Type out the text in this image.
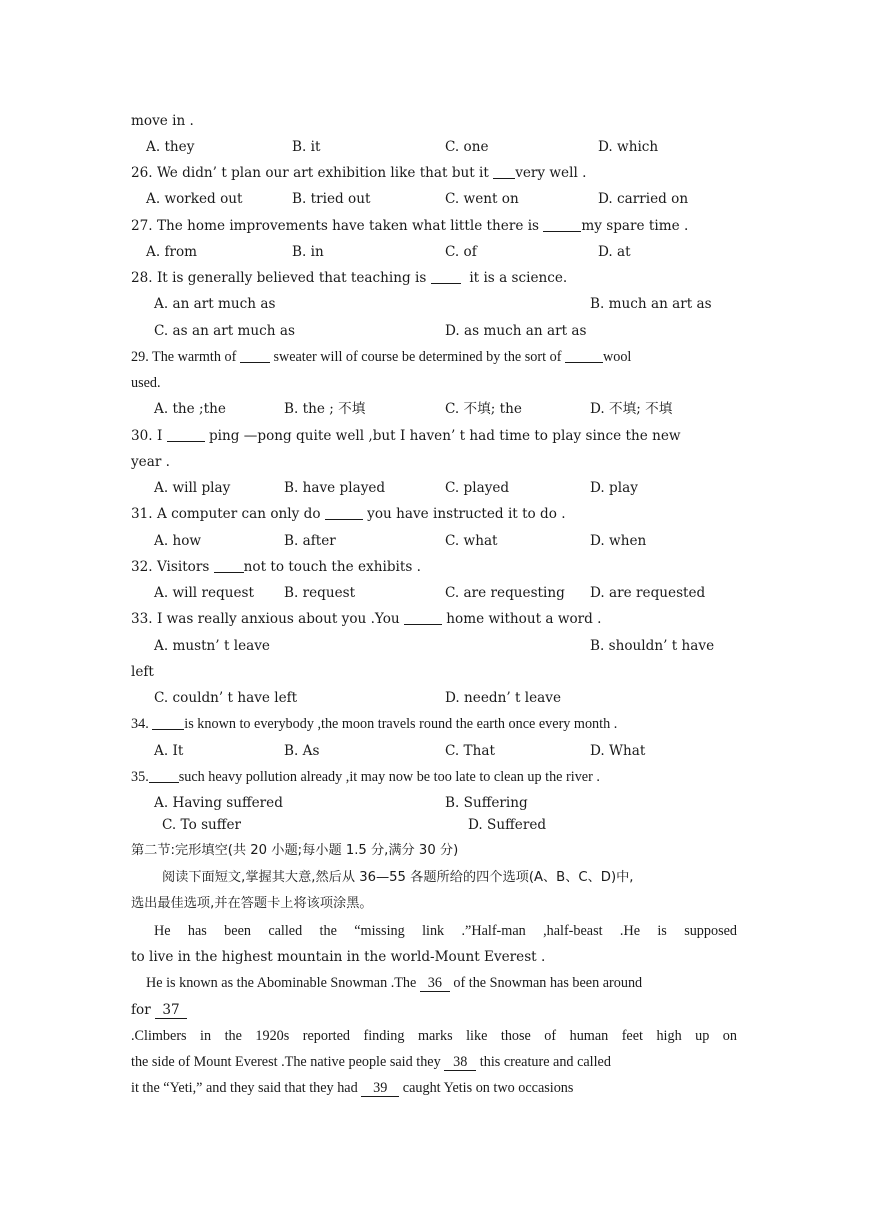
move in .
A. they	B. it	C. one	D. which
26. We didn’ t plan our art exhibition like that but it very well .
A. worked out	B. tried out	C. went on	D. carried on
27. The home improvements have taken what little there is	my spare time .
A. from	B. in	C. of	D. at
28. It is generally believed that teaching is   it is a science.
A. an art much as	B. much an art as
C. as an art much as	D. as much an art as
29. The warmth of  sweater will of course be determined by the sort of	wool
used.
A. the ;the	B. the ; 不填	C. 不填; the	D. 不填; 不填
30. I	ping —pong quite well ,but I haven’ t had time to play since the new
year .
A. will play	B. have played	C. played	D. play
31. A computer can only do	you have instructed it to do .
A. how	B. after	C. what	D. when
32. Visitors not to touch the exhibits .
A. will request B. request	C. are requesting D. are requested
33. I was really anxious about you .You	home without a word .
A. mustn’ t leave	B. shouldn’ t have
left
C. couldn’ t have left	D. needn’ t leave
34. is known to everybody ,the moon travels round the earth once every month .
A. It	B. As	C. That	D. What
35. such heavy pollution already ,it may now be too late to clean up the river .
A. Having suffered	B. Suffering
C. To suffer	D. Suffered
第二节:完形填空(共 20 小题;每小题 1.5 分,满分 30 分)
阅读下面短文,掌握其大意,然后从 36—55 各题所给的四个选项(A、B、C、D)中,
选出最佳选项,并在答题卡上将该项涂黑。
He has been called the “missing link .”Half-man ,half-beast .He is supposed
to live in the highest mountain in the world-Mount Everest .
He is known as the Abominable Snowman .The 36 of the Snowman has been around
for 37
.Climbers in the 1920s reported finding marks like those of human feet high up on
the side of Mount Everest .The native people said they 38 this creature and called
it the “Yeti,” and they said that they had 39 caught Yetis on two occasions
